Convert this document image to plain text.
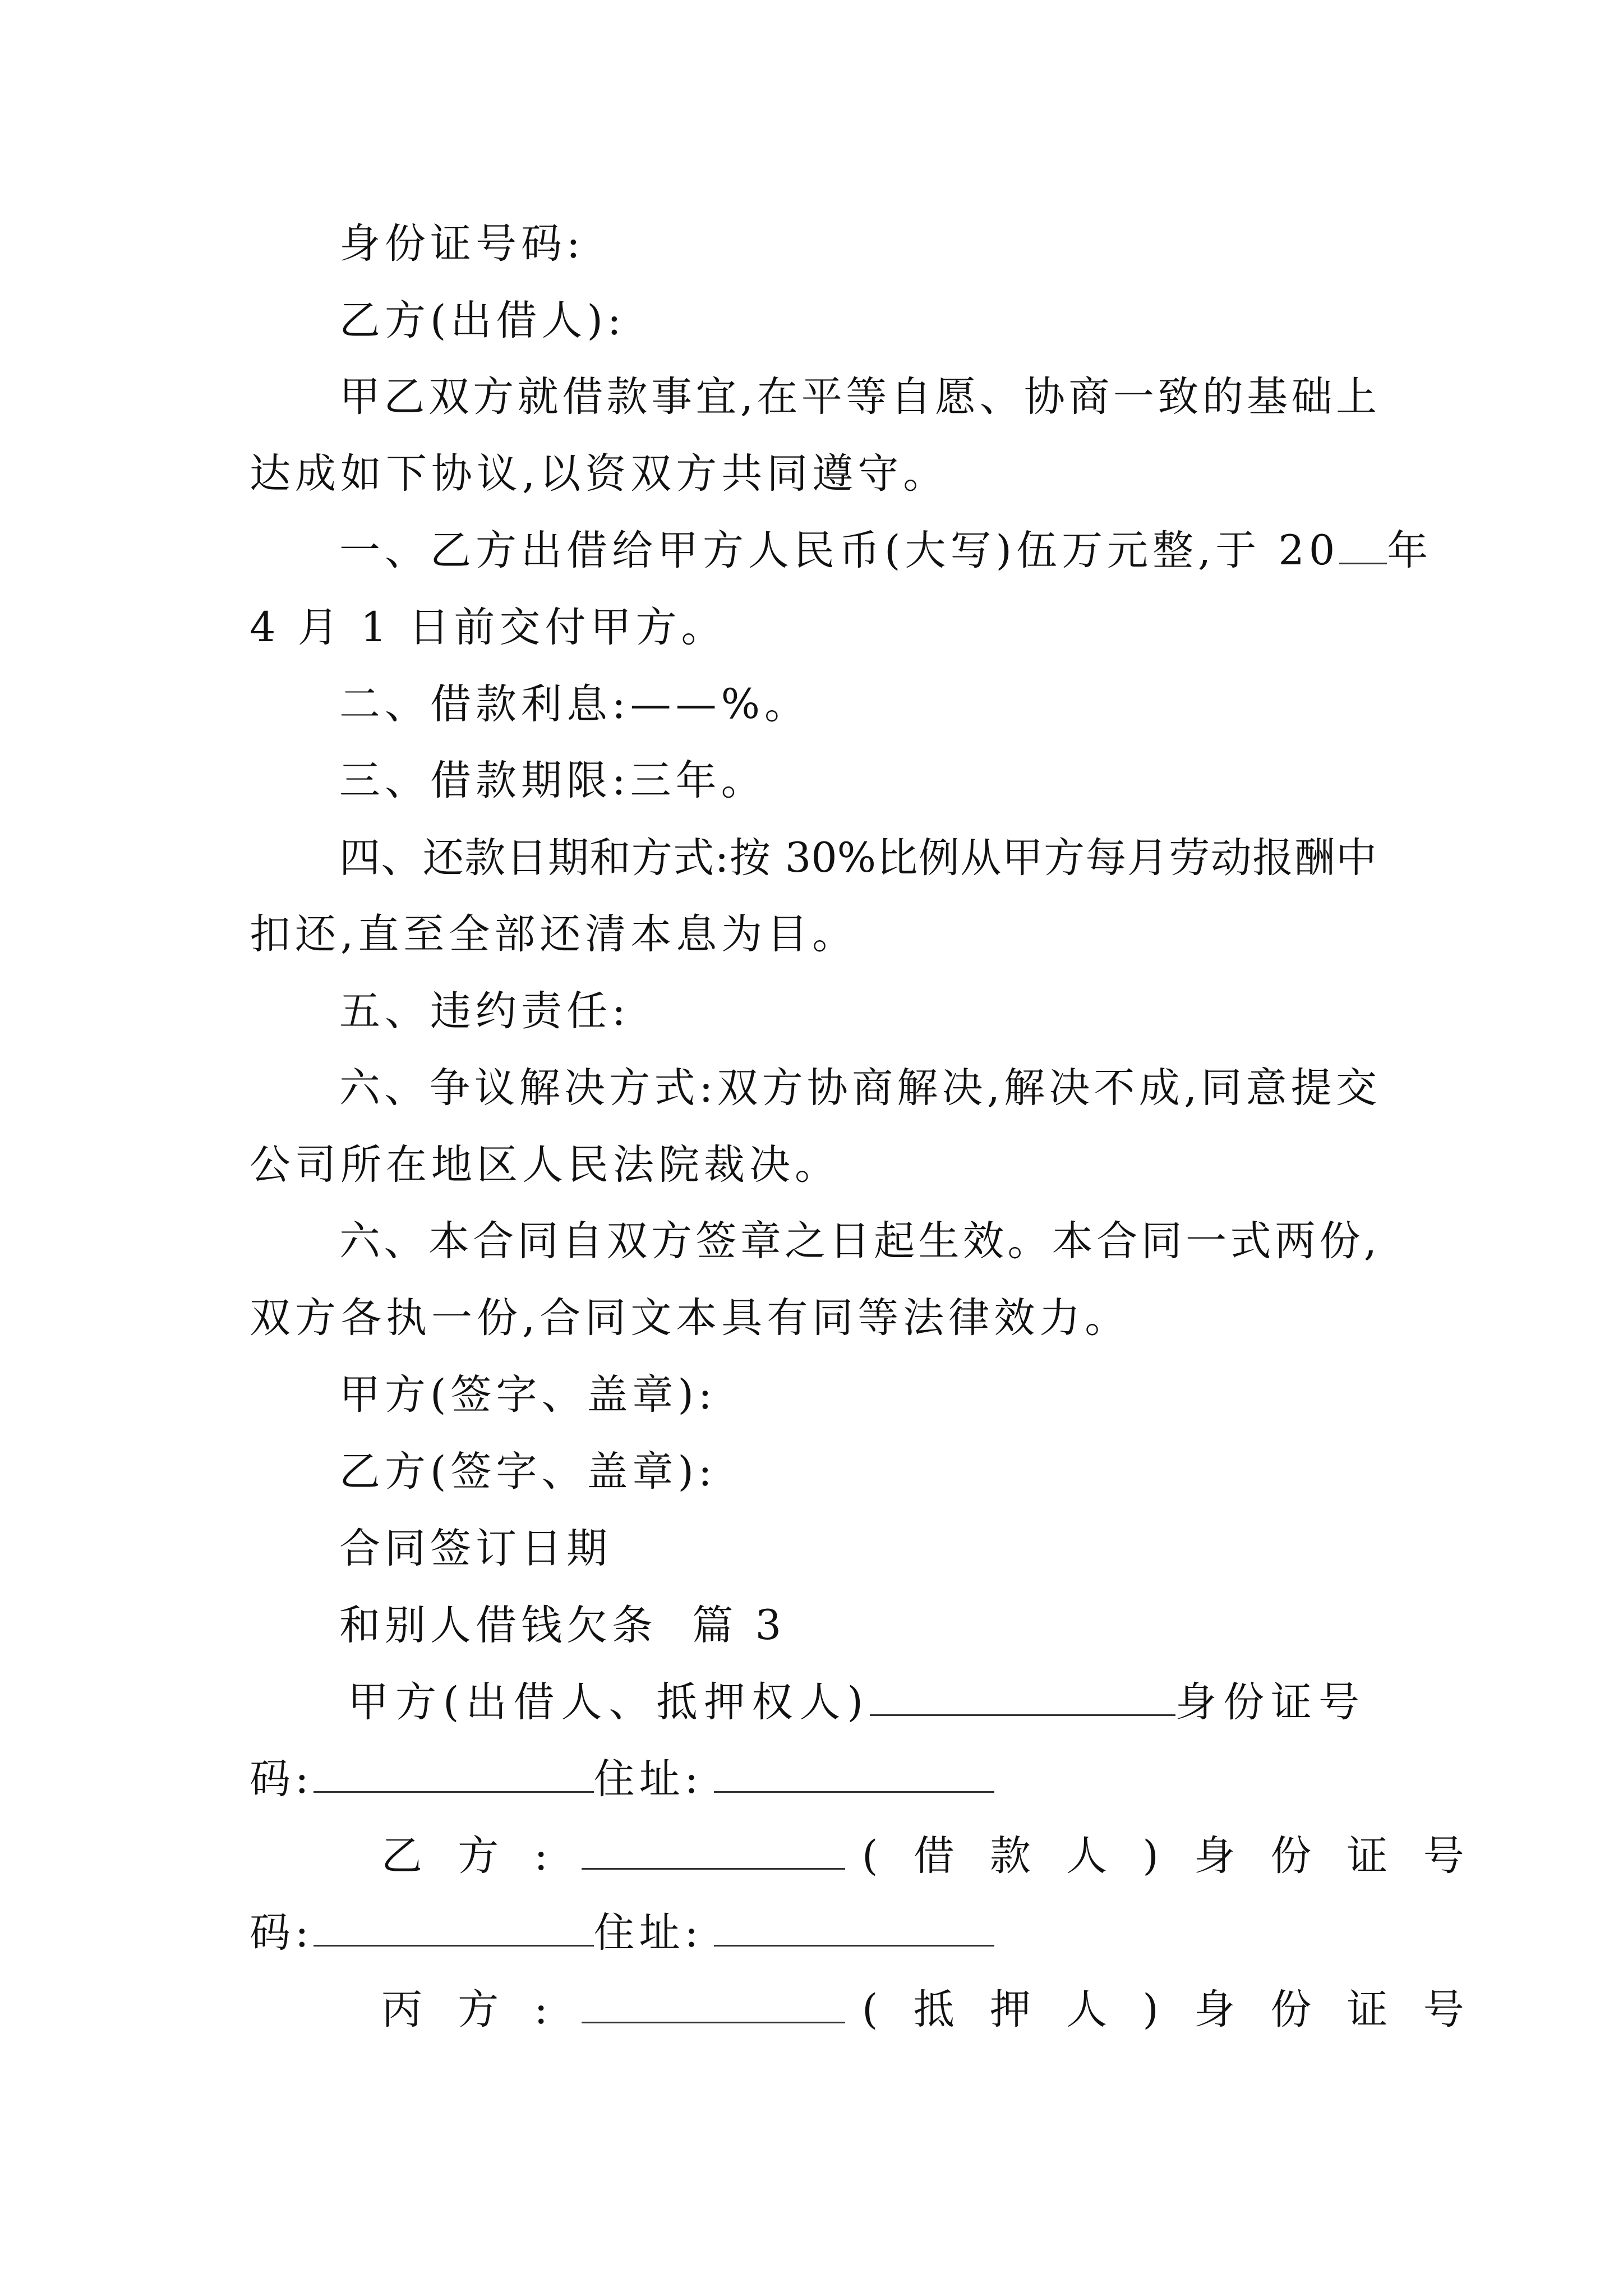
身份证号码:
乙方(出借人):
甲乙双方就借款事宜,在平等自愿、协商一致的基础上
达成如下协议,以资双方共同遵守。
一、乙方出借给甲方人民币(大写)伍万元整,于 20 年
4 月 1 日前交付甲方。
二、借款利息:——%。
三、借款期限:三年。
四、还款日期和方式:按 30%比例从甲方每月劳动报酬中
扣还,直至全部还清本息为目。
五、违约责任:
六、争议解决方式:双方协商解决,解决不成,同意提交
公司所在地区人民法院裁决。
六、本合同自双方签章之日起生效。本合同一式两份,
双方各执一份,合同文本具有同等法律效力。
甲方(签字、盖章):
乙方(签字、盖章):
合同签订日期
和别人借钱欠条  篇 3
甲方(出借人、抵押权人)	身份证号
码:	住址:
乙 方 :	( 借 款 人 ) 身 份 证 号
码:	住址:
丙 方 :	( 抵 押 人 ) 身 份 证 号
